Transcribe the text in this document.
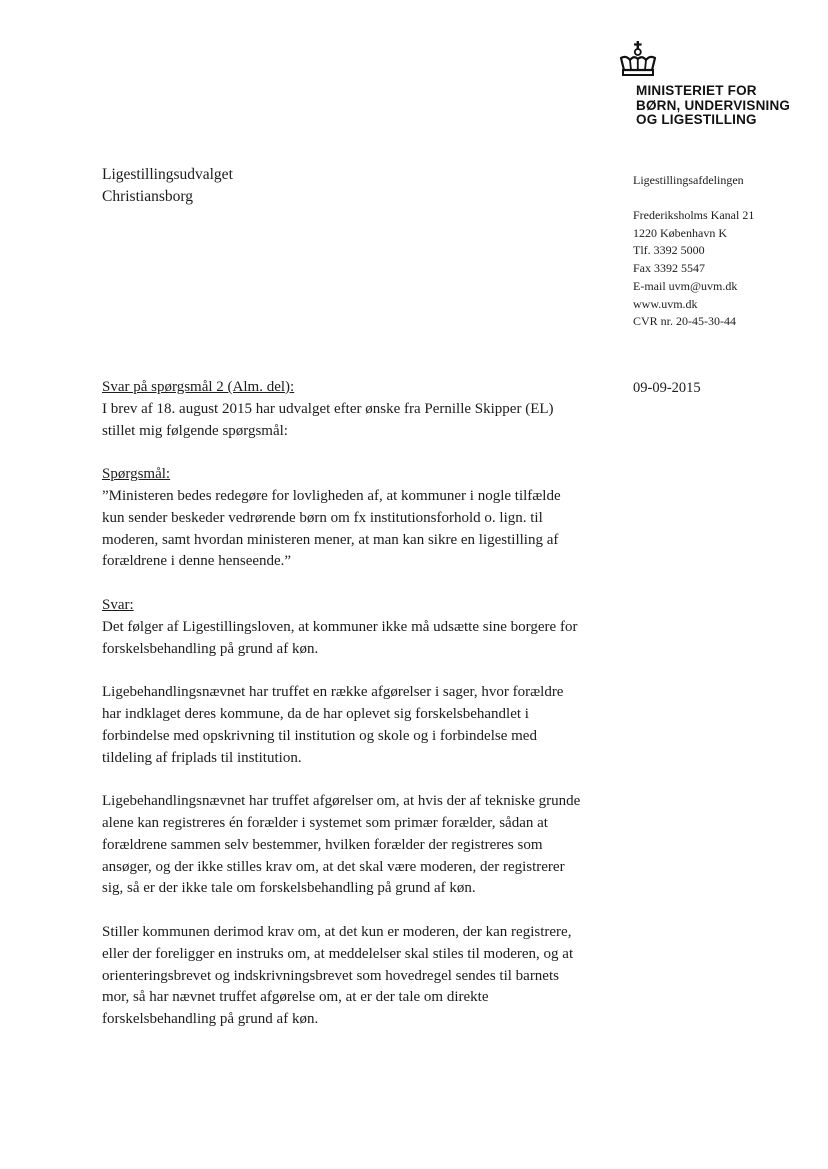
MINISTERIET FOR
BØRN, UNDERVISNING
OG LIGESTILLING
Ligestillingsudvalget
Christiansborg
Ligestillingsafdelingen
Frederiksholms Kanal 21
1220 København K
Tlf. 3392 5000
Fax 3392 5547
E-mail uvm@uvm.dk
www.uvm.dk
CVR nr. 20-45-30-44
09-09-2015

Svar på spørgsmål 2 (Alm. del):

I brev af 18. august 2015 har udvalget efter ønske fra Pernille Skipper (EL) stillet mig følgende spørgsmål:

Spørgsmål:

”Ministeren bedes redegøre for lovligheden af, at kommuner i nogle tilfælde kun sender beskeder vedrørende børn om fx institutionsforhold o. lign. til moderen, samt hvordan ministeren mener, at man kan sikre en ligestilling af forældrene i denne henseende.”

Svar:

Det følger af Ligestillingsloven, at kommuner ikke må udsætte sine borgere for forskelsbehandling på grund af køn.

Ligebehandlingsnævnet har truffet en række afgørelser i sager, hvor forældre har indklaget deres kommune, da de har oplevet sig forskelsbehandlet i forbindelse med opskrivning til institution og skole og i forbindelse med tildeling af friplads til institution.

Ligebehandlingsnævnet har truffet afgørelser om, at hvis der af tekniske grunde alene kan registreres én forælder i systemet som primær forælder, sådan at forældrene sammen selv bestemmer, hvilken forælder der registreres som ansøger, og der ikke stilles krav om, at det skal være moderen, der registrerer sig, så er der ikke tale om forskelsbehandling på grund af køn.

Stiller kommunen derimod krav om, at det kun er moderen, der kan registrere, eller der foreligger en instruks om, at meddelelser skal stiles til moderen, og at orienteringsbrevet og indskrivningsbrevet som hovedregel sendes til barnets mor, så har nævnet truffet afgørelse om, at er der tale om direkte forskelsbehandling på grund af køn.
